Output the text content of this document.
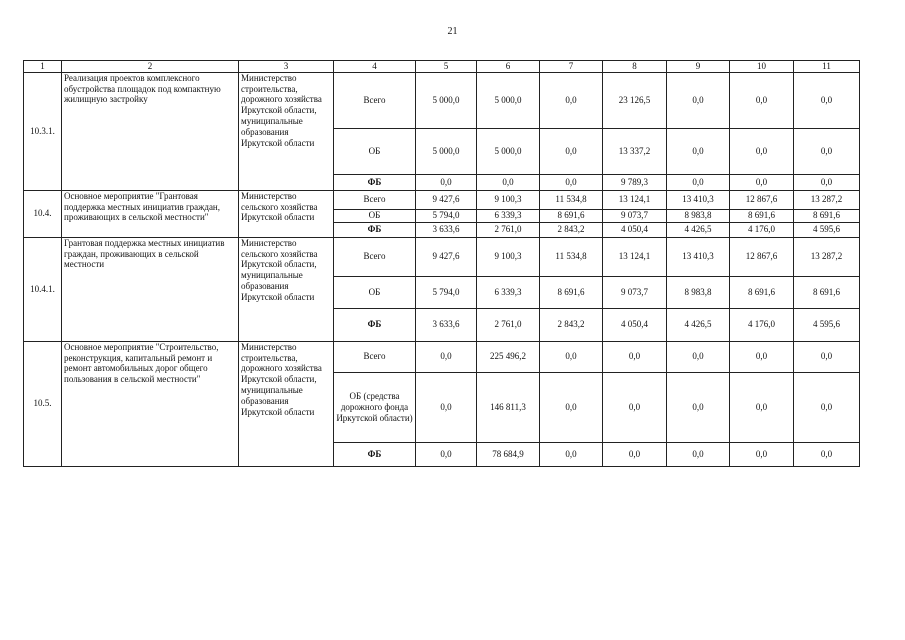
21
1	2	3	4	5	6	7	8	9	10	11
10.3.1.	Реализация проектов комплексного обустройства площадок под компактную жилищную застройку	Министерство строительства, дорожного хозяйства Иркутской области, муниципальные образования Иркутской области	Всего	5 000,0	5 000,0	0,0	23 126,5	0,0	0,0	0,0
			ОБ	5 000,0	5 000,0	0,0	13 337,2	0,0	0,0	0,0
			ФБ	0,0	0,0	0,0	9 789,3	0,0	0,0	0,0
10.4.	Основное мероприятие "Грантовая поддержка местных инициатив граждан, проживающих в сельской местности"	Министерство сельского хозяйства Иркутской области	Всего	9 427,6	9 100,3	11 534,8	13 124,1	13 410,3	12 867,6	13 287,2
			ОБ	5 794,0	6 339,3	8 691,6	9 073,7	8 983,8	8 691,6	8 691,6
			ФБ	3 633,6	2 761,0	2 843,2	4 050,4	4 426,5	4 176,0	4 595,6
10.4.1.	Грантовая поддержка местных инициатив граждан, проживающих в сельской местности	Министерство сельского хозяйства Иркутской области, муниципальные образования Иркутской области	Всего	9 427,6	9 100,3	11 534,8	13 124,1	13 410,3	12 867,6	13 287,2
			ОБ	5 794,0	6 339,3	8 691,6	9 073,7	8 983,8	8 691,6	8 691,6
			ФБ	3 633,6	2 761,0	2 843,2	4 050,4	4 426,5	4 176,0	4 595,6
10.5.	Основное мероприятие "Строительство, реконструкция, капитальный ремонт и ремонт автомобильных дорог общего пользования в сельской местности"	Министерство строительства, дорожного хозяйства Иркутской области, муниципальные образования Иркутской области	Всего	0,0	225 496,2	0,0	0,0	0,0	0,0	0,0
			ОБ (средства дорожного фонда Иркутской области)	0,0	146 811,3	0,0	0,0	0,0	0,0	0,0
			ФБ	0,0	78 684,9	0,0	0,0	0,0	0,0	0,0
